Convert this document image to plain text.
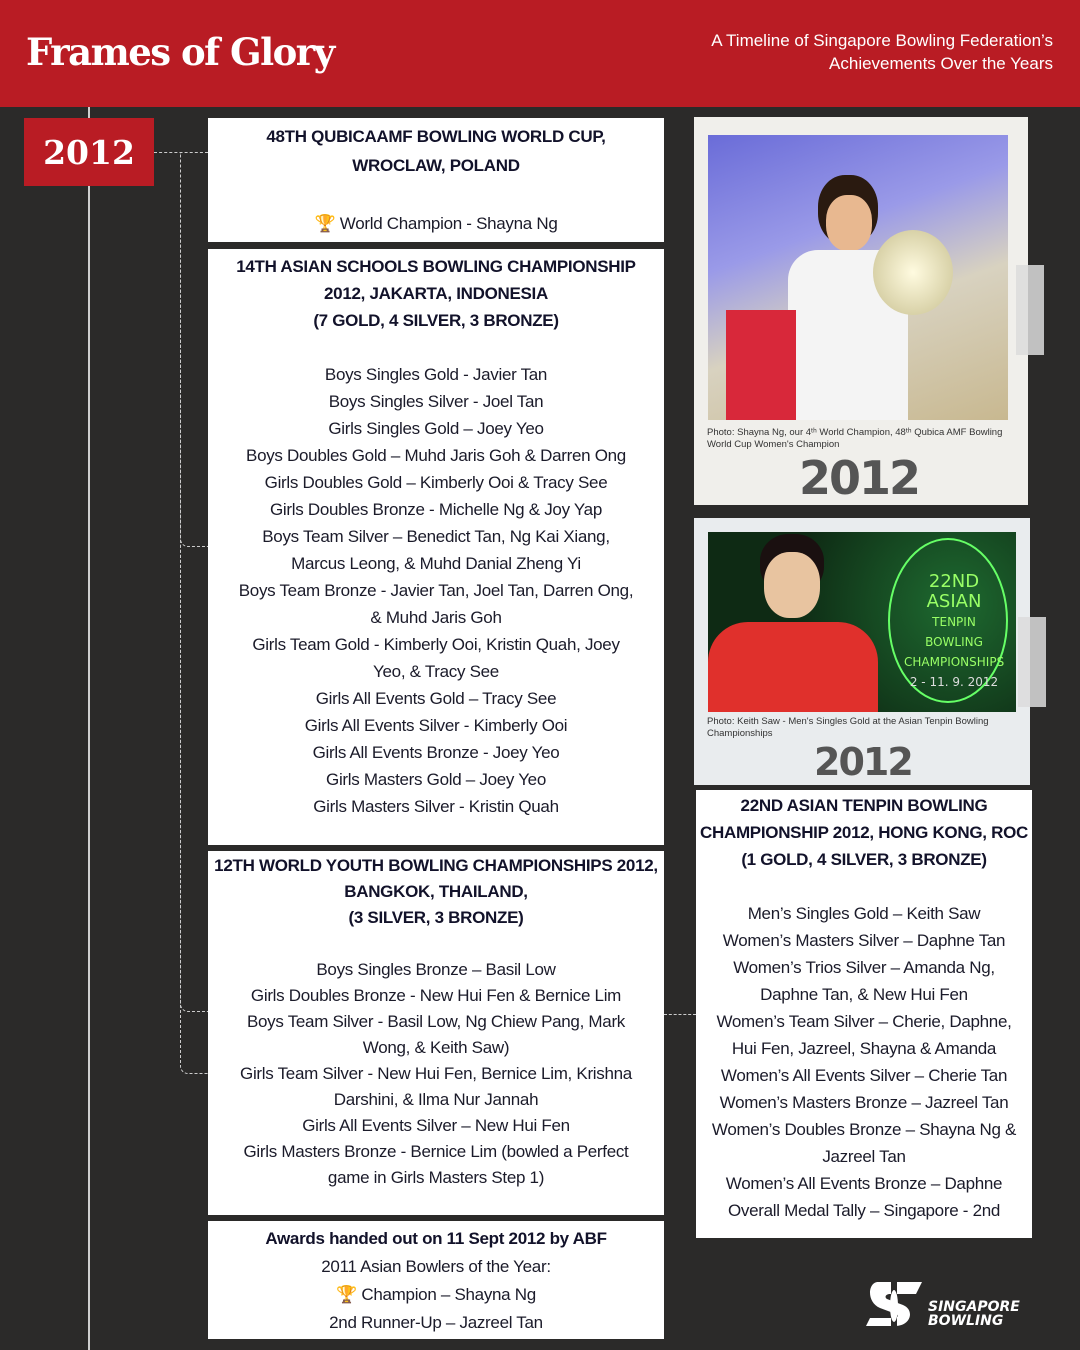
Frames of Glory	A Timeline of Singapore Bowling Federation’s
Achievements Over the Years
2012	48TH QUBICAAMF BOWLING WORLD CUP,
WROCLAW, POLAND
🏆 World Champion - Shayna Ng
14TH ASIAN SCHOOLS BOWLING CHAMPIONSHIP
2012, JAKARTA, INDONESIA
(7 GOLD, 4 SILVER, 3 BRONZE)
Boys Singles Gold - Javier Tan
Boys Singles Silver - Joel Tan
Girls Singles Gold – Joey Yeo
Boys Doubles Gold – Muhd Jaris Goh & Darren Ong
Girls Doubles Gold – Kimberly Ooi & Tracy See
Girls Doubles Bronze - Michelle Ng & Joy Yap
Boys Team Silver – Benedict Tan, Ng Kai Xiang,
Marcus Leong, & Muhd Danial Zheng Yi
Boys Team Bronze - Javier Tan, Joel Tan, Darren Ong,
& Muhd Jaris Goh
Girls Team Gold - Kimberly Ooi, Kristin Quah, Joey
Yeo, & Tracy See
Girls All Events Gold – Tracy See
Girls All Events Silver - Kimberly Ooi
Girls All Events Bronze - Joey Yeo
Girls Masters Gold – Joey Yeo
Girls Masters Silver - Kristin Quah
12TH WORLD YOUTH BOWLING CHAMPIONSHIPS 2012,
BANGKOK, THAILAND,
(3 SILVER, 3 BRONZE)
Boys Singles Bronze – Basil Low
Girls Doubles Bronze - New Hui Fen & Bernice Lim
Boys Team Silver - Basil Low, Ng Chiew Pang, Mark
Wong, & Keith Saw)
Girls Team Silver - New Hui Fen, Bernice Lim, Krishna
Darshini, & Ilma Nur Jannah
Girls All Events Silver – New Hui Fen
Girls Masters Bronze - Bernice Lim (bowled a Perfect
game in Girls Masters Step 1)
Awards handed out on 11 Sept 2012 by ABF
2011 Asian Bowlers of the Year:
🏆 Champion – Shayna Ng
2nd Runner-Up – Jazreel Tan
22ND ASIAN TENPIN BOWLING
CHAMPIONSHIP 2012, HONG KONG, ROC
(1 GOLD, 4 SILVER, 3 BRONZE)
Men’s Singles Gold – Keith Saw
Women’s Masters Silver – Daphne Tan
Women’s Trios Silver – Amanda Ng,
Daphne Tan, & New Hui Fen
Women’s Team Silver – Cherie, Daphne,
Hui Fen, Jazreel, Shayna & Amanda
Women’s All Events Silver – Cherie Tan
Women’s Masters Bronze – Jazreel Tan
Women’s Doubles Bronze – Shayna Ng &
Jazreel Tan
Women’s All Events Bronze – Daphne
Overall Medal Tally – Singapore - 2nd
Photo: Shayna Ng, our 4ᵗʰ World Champion, 48ᵗʰ Qubica AMF Bowling World Cup Women's Champion
2012
22ND ASIAN
TENPIN BOWLING
CHAMPIONSHIPS
2 - 11. 9. 2012
Photo: Keith Saw - Men's Singles Gold at the Asian Tenpin Bowling Championships
2012
SINGAPORE
BOWLING
